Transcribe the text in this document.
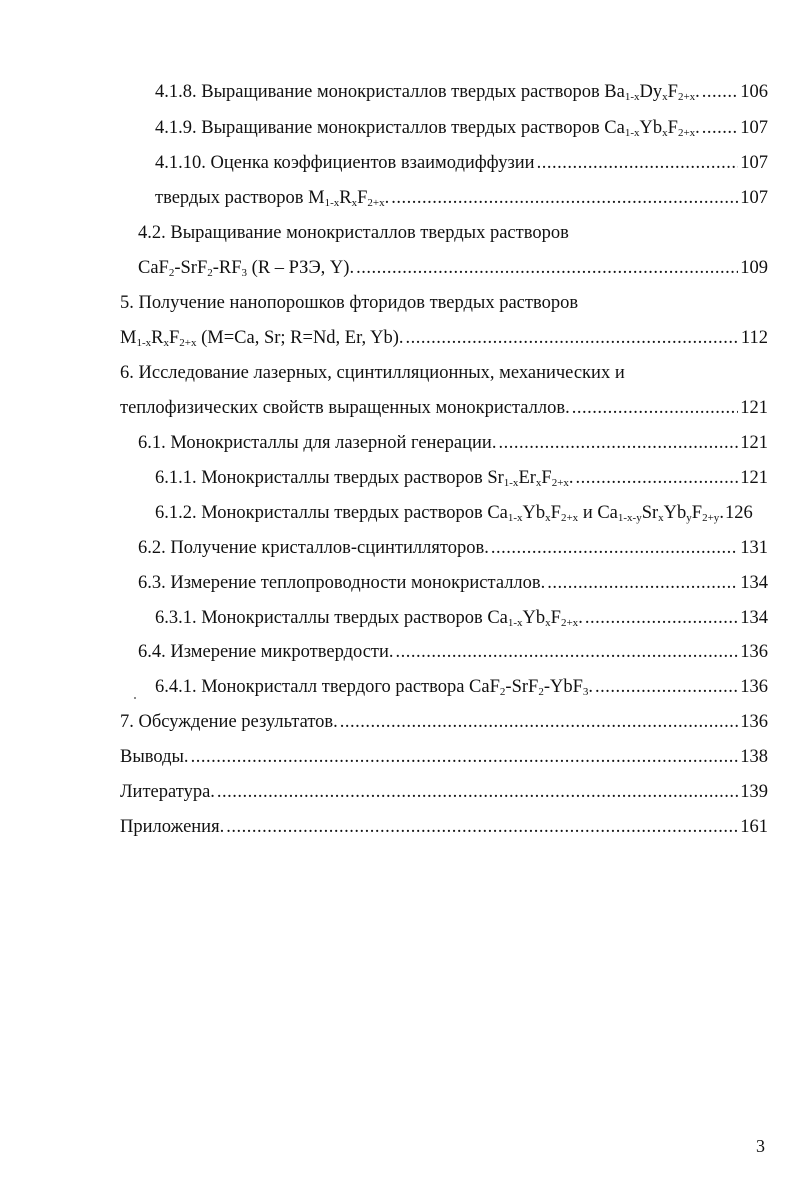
4.1.8. Выращивание монокристаллов твердых растворов $Ba_{1-x}Dy_xF_{2+x}$. ..... 106
4.1.9. Выращивание монокристаллов твердых растворов $Ca_{1-x}Yb_xF_{2+x}$. ..... 107
4.1.10. Оценка коэффициентов взаимодиффузии .....	107
твердых растворов $M_{1-x}R_xF_{2+x}$. .....	107
4.2. Выращивание монокристаллов твердых растворов
$CaF_2-SrF_2-RF_3$ (R – РЗЭ, Y). .....	109
5. Получение нанопорошков фторидов твердых растворов
$M_{1-x}R_xF_{2+x}$ (M=Ca, Sr; R=Nd, Er, Yb). .....	112
6. Исследование лазерных, сцинтилляционных, механических и
теплофизических свойств выращенных монокристаллов. .....	121
6.1. Монокристаллы для лазерной генерации. .....	121
6.1.1. Монокристаллы твердых растворов $Sr_{1-x}Er_xF_{2+x}$. .....	121
6.1.2. Монокристаллы твердых растворов $Ca_{1-x}Yb_xF_{2+x}$ и $Ca_{1-x-y}Sr_xYb_yF_{2+y}$. 126
6.2. Получение кристаллов-сцинтилляторов. .....	131
6.3. Измерение теплопроводности монокристаллов. .....	134
6.3.1. Монокристаллы твердых растворов $Ca_{1-x}Yb_xF_{2+x}$. .....	134
6.4. Измерение микротвердости. .....	136
6.4.1. Монокристалл твердого раствора CaF$_2$-SrF$_2$-YbF$_3$. .....	136
7. Обсуждение результатов. .....	136
Выводы. .....	138
Литература. .....	139
Приложения. .....	161
3
